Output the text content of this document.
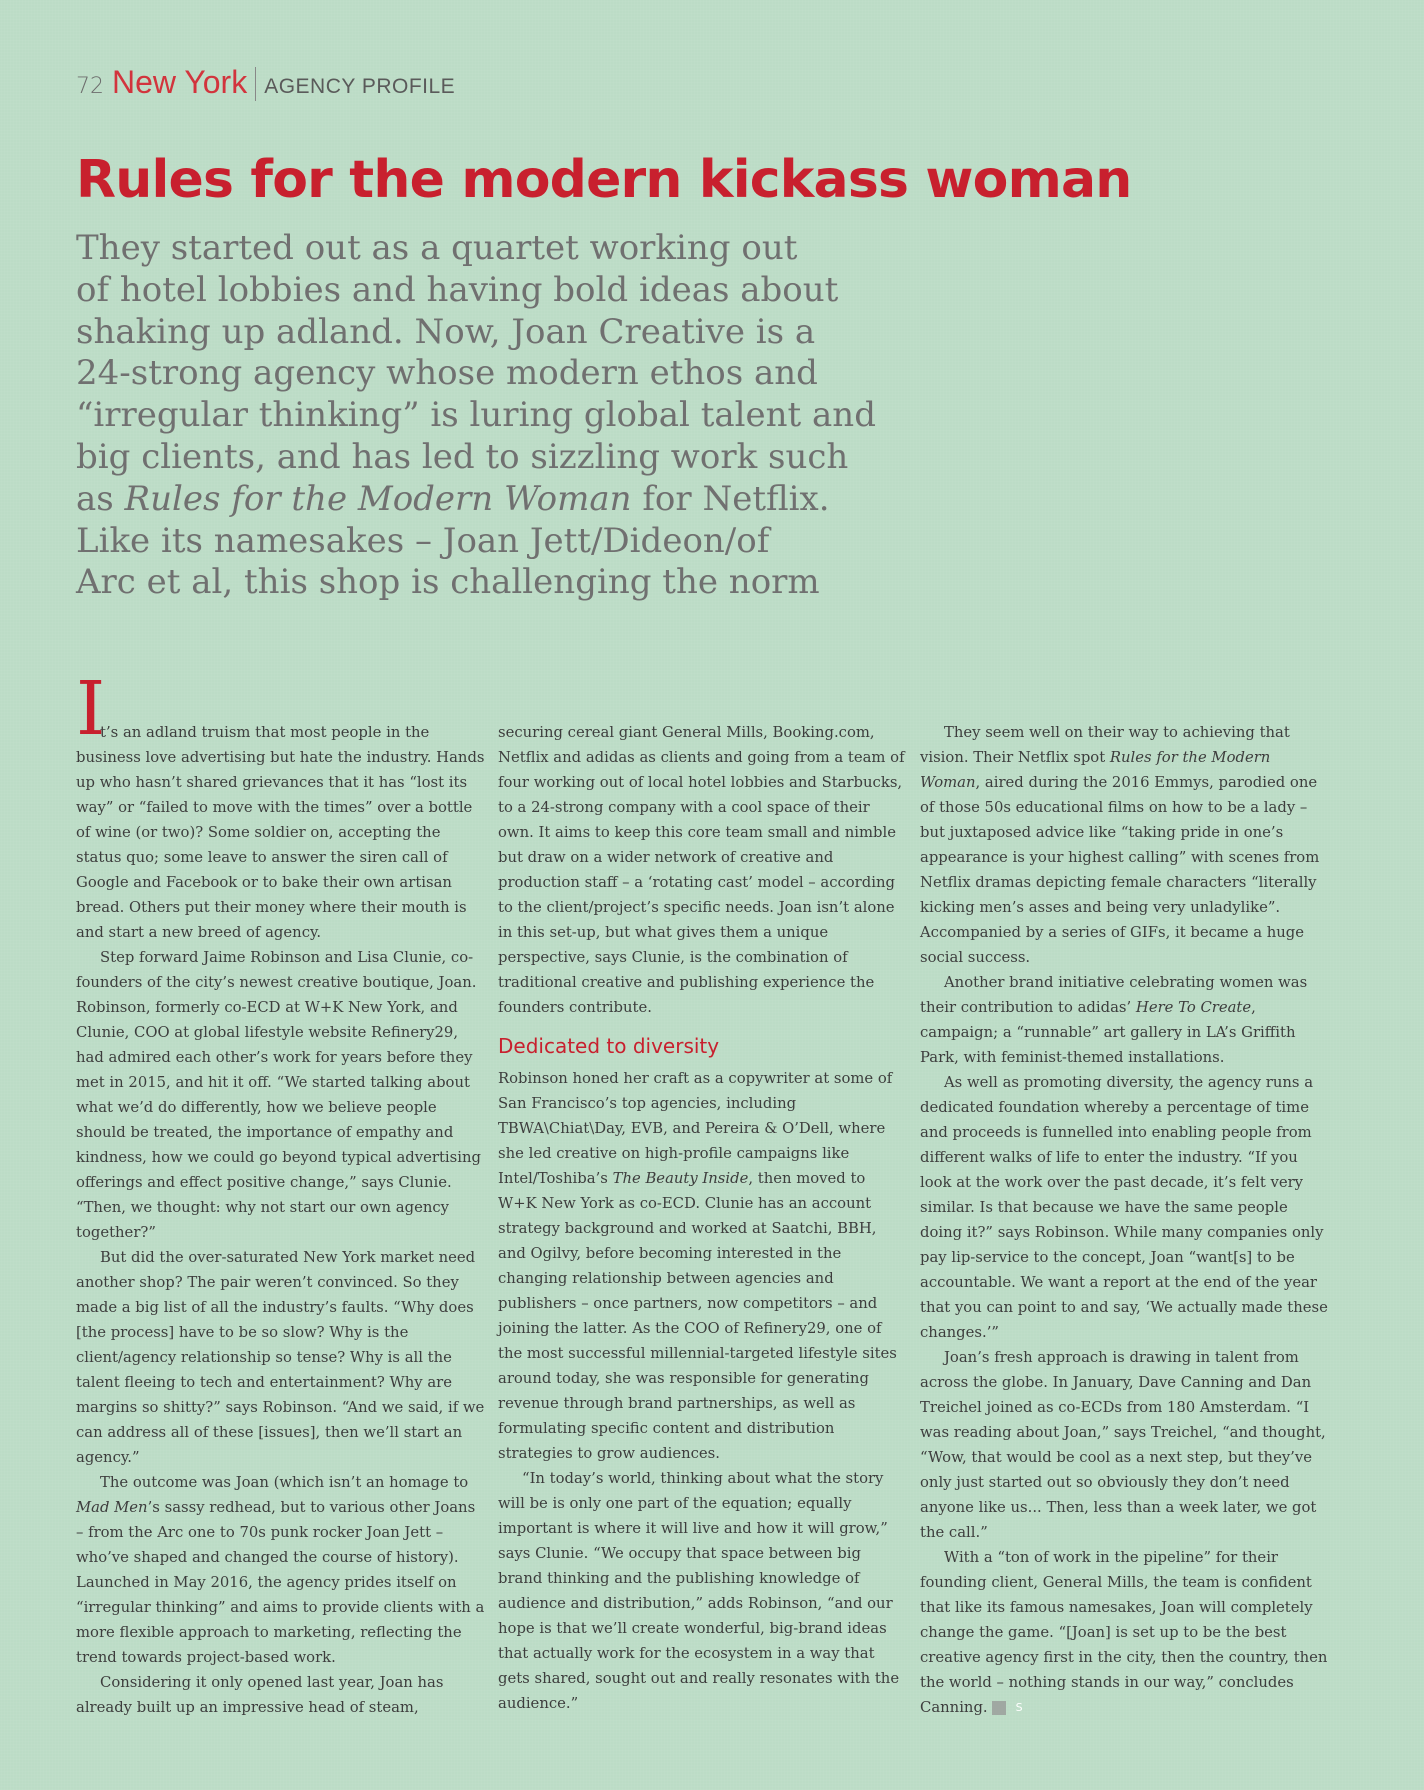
72 New York AGENCY PROFILE
Rules for the modern kickass woman
They started out as a quartet working out
of hotel lobbies and having bold ideas about
shaking up adland. Now, Joan Creative is a
24-strong agency whose modern ethos and
“irregular thinking” is luring global talent and
big clients, and has led to sizzling work such
as Rules for the Modern Woman for Netflix.
Like its namesakes – Joan Jett/Dideon/of
Arc et al, this shop is challenging the norm
I

t’s an adland truism that most people in the business love advertising but hate the industry. Hands up who hasn’t shared grievances that it has “lost its way” or “failed to move with the times” over a bottle of wine (or two)? Some soldier on, accepting the status quo; some leave to answer the siren call of Google and Facebook or to bake their own artisan bread. Others put their money where their mouth is and start a new breed of agency.

Step forward Jaime Robinson and Lisa Clunie, co-founders of the city’s newest creative boutique, Joan. Robinson, formerly co-ECD at W+K New York, and Clunie, COO at global lifestyle website Refinery29, had admired each other’s work for years before they met in 2015, and hit it off. “We started talking about what we’d do differently, how we believe people should be treated, the importance of empathy and kindness, how we could go beyond typical advertising offerings and effect positive change,” says Clunie. “Then, we thought: why not start our own agency together?”

But did the over-saturated New York market need another shop? The pair weren’t convinced. So they made a big list of all the industry’s faults. “Why does [the process] have to be so slow? Why is the client/agency relationship so tense? Why is all the talent fleeing to tech and entertainment? Why are margins so shitty?” says Robinson. “And we said, if we can address all of these [issues], then we’ll start an agency.”

The outcome was Joan (which isn’t an homage to Mad Men’s sassy redhead, but to various other Joans – from the Arc one to 70s punk rocker Joan Jett – who’ve shaped and changed the course of history). Launched in May 2016, the agency prides itself on “irregular thinking” and aims to provide clients with a more flexible approach to marketing, reflecting the trend towards project-based work.

Considering it only opened last year, Joan has already built up an impressive head of steam,

securing cereal giant General Mills, Booking.com, Netflix and adidas as clients and going from a team of four working out of local hotel lobbies and Starbucks, to a 24-strong company with a cool space of their own. It aims to keep this core team small and nimble but draw on a wider network of creative and production staff – a ‘rotating cast’ model – according to the client/project’s specific needs. Joan isn’t alone in this set-up, but what gives them a unique perspective, says Clunie, is the combination of traditional creative and publishing experience the founders contribute.

Dedicated to diversity

Robinson honed her craft as a copywriter at some of San Francisco’s top agencies, including TBWA\Chiat\Day, EVB, and Pereira & O’Dell, where she led creative on high-profile campaigns like Intel/Toshiba’s The Beauty Inside, then moved to W+K New York as co-ECD. Clunie has an account strategy background and worked at Saatchi, BBH, and Ogilvy, before becoming interested in the changing relationship between agencies and publishers – once partners, now competitors – and joining the latter. As the COO of Refinery29, one of the most successful millennial-targeted lifestyle sites around today, she was responsible for generating revenue through brand partnerships, as well as formulating specific content and distribution strategies to grow audiences.

“In today’s world, thinking about what the story will be is only one part of the equation; equally important is where it will live and how it will grow,” says Clunie. “We occupy that space between big brand thinking and the publishing knowledge of audience and distribution,” adds Robinson, “and our hope is that we’ll create wonderful, big-brand ideas that actually work for the ecosystem in a way that gets shared, sought out and really resonates with the audience.”

They seem well on their way to achieving that vision. Their Netflix spot Rules for the Modern Woman, aired during the 2016 Emmys, parodied one of those 50s educational films on how to be a lady – but juxtaposed advice like “taking pride in one’s appearance is your highest calling” with scenes from Netflix dramas depicting female characters “literally kicking men’s asses and being very unladylike”. Accompanied by a series of GIFs, it became a huge social success.

Another brand initiative celebrating women was their contribution to adidas’ Here To Create, campaign; a “runnable” art gallery in LA’s Griffith Park, with feminist-themed installations.

As well as promoting diversity, the agency runs a dedicated foundation whereby a percentage of time and proceeds is funnelled into enabling people from different walks of life to enter the industry. “If you look at the work over the past decade, it’s felt very similar. Is that because we have the same people doing it?” says Robinson. While many companies only pay lip-service to the concept, Joan “want[s] to be accountable. We want a report at the end of the year that you can point to and say, ‘We actually made these changes.’”

Joan’s fresh approach is drawing in talent from across the globe. In January, Dave Canning and Dan Treichel joined as co-ECDs from 180 Amsterdam. “I was reading about Joan,” says Treichel, “and thought, “Wow, that would be cool as a next step, but they’ve only just started out so obviously they don’t need anyone like us... Then, less than a week later, we got the call.”

With a “ton of work in the pipeline” for their founding client, General Mills, the team is confident that like its famous namesakes, Joan will completely change the game. “[Joan] is set up to be the best creative agency first in the city, then the country, then the world – nothing stands in our way,” concludes Canning.	S
